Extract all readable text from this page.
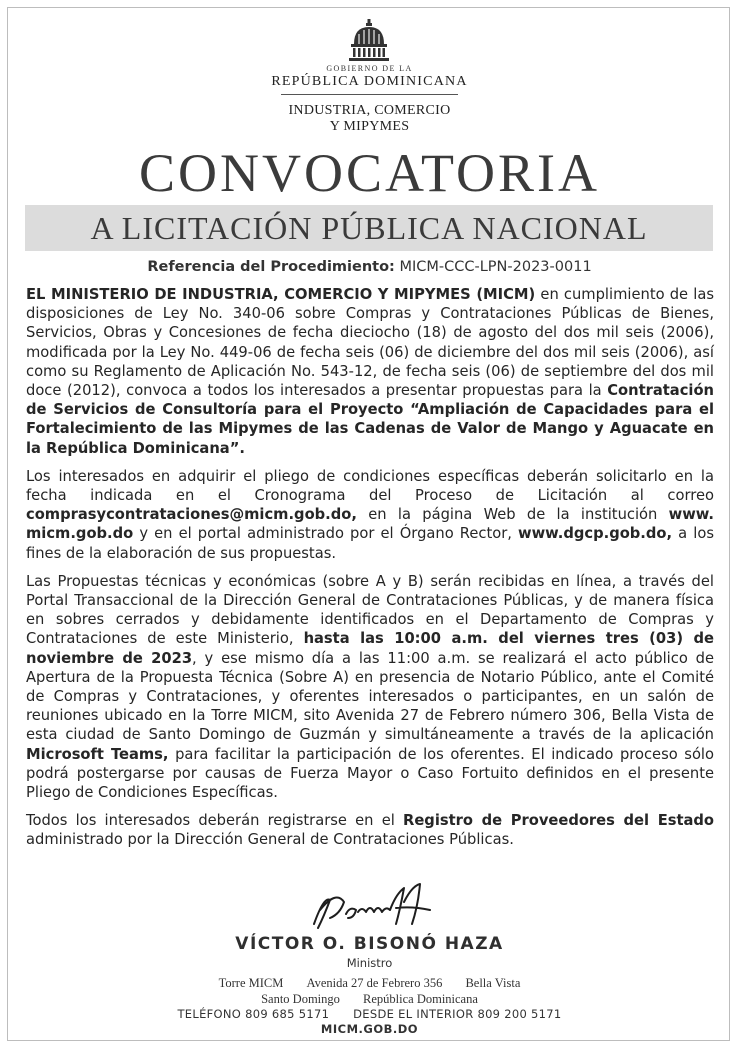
GOBIERNO DE LA
REPÚBLICA DOMINICANA
INDUSTRIA, COMERCIO
Y MIPYMES
CONVOCATORIA
A LICITACIÓN PÚBLICA NACIONAL
Referencia del Procedimiento: MICM-CCC-LPN-2023-0011

EL MINISTERIO DE INDUSTRIA, COMERCIO Y MIPYMES (MICM) en cumplimiento de las disposiciones de Ley No. 340-06 sobre Compras y Contrataciones Públicas de Bienes, Servicios, Obras y Concesiones de fecha dieciocho (18) de agosto del dos mil seis (2006), modificada por la Ley No. 449-06 de fecha seis (06) de diciembre del dos mil seis (2006), así como su Reglamento de Aplicación No. 543-12, de fecha seis (06) de septiembre del dos mil doce (2012), convoca a todos los interesados a presentar propuestas para la Contratación de Servicios de Consultoría para el Proyecto “Ampliación de Capacidades para el Fortalecimiento de las Mipymes de las Cadenas de Valor de Mango y Aguacate en la República Dominicana”.

Los interesados en adquirir el pliego de condiciones específicas deberán solicitarlo en la fecha indicada en el Cronograma del Proceso de Licitación al correo comprasycontrataciones@micm.gob.do, en la página Web de la institución www. micm.gob.do y en el portal administrado por el Órgano Rector, www.dgcp.gob.do, a los fines de la elaboración de sus propuestas.

Las Propuestas técnicas y económicas (sobre A y B) serán recibidas en línea, a través del Portal Transaccional de la Dirección General de Contrataciones Públicas, y de manera física en sobres cerrados y debidamente identificados en el Departamento de Compras y Contrataciones de este Ministerio, hasta las 10:00 a.m. del viernes tres (03) de noviembre de 2023, y ese mismo día a las 11:00 a.m. se realizará el acto público de Apertura de la Propuesta Técnica (Sobre A) en presencia de Notario Público, ante el Comité de Compras y Contrataciones, y oferentes interesados o participantes, en un salón de reuniones ubicado en la Torre MICM, sito Avenida 27 de Febrero número 306, Bella Vista de esta ciudad de Santo Domingo de Guzmán y simultáneamente a través de la aplicación Microsoft Teams, para facilitar la participación de los oferentes. El indicado proceso sólo podrá postergarse por causas de Fuerza Mayor o Caso Fortuito definidos en el presente Pliego de Condiciones Específicas.

Todos los interesados deberán registrarse en el Registro de Proveedores del Estado administrado por la Dirección General de Contrataciones Públicas.

VÍCTOR O. BISONÓ HAZA
Ministro
Torre MICM Avenida 27 de Febrero 356 Bella Vista
Santo Domingo República Dominicana
TELÉFONO 809 685 5171 DESDE EL INTERIOR 809 200 5171
MICM.GOB.DO
